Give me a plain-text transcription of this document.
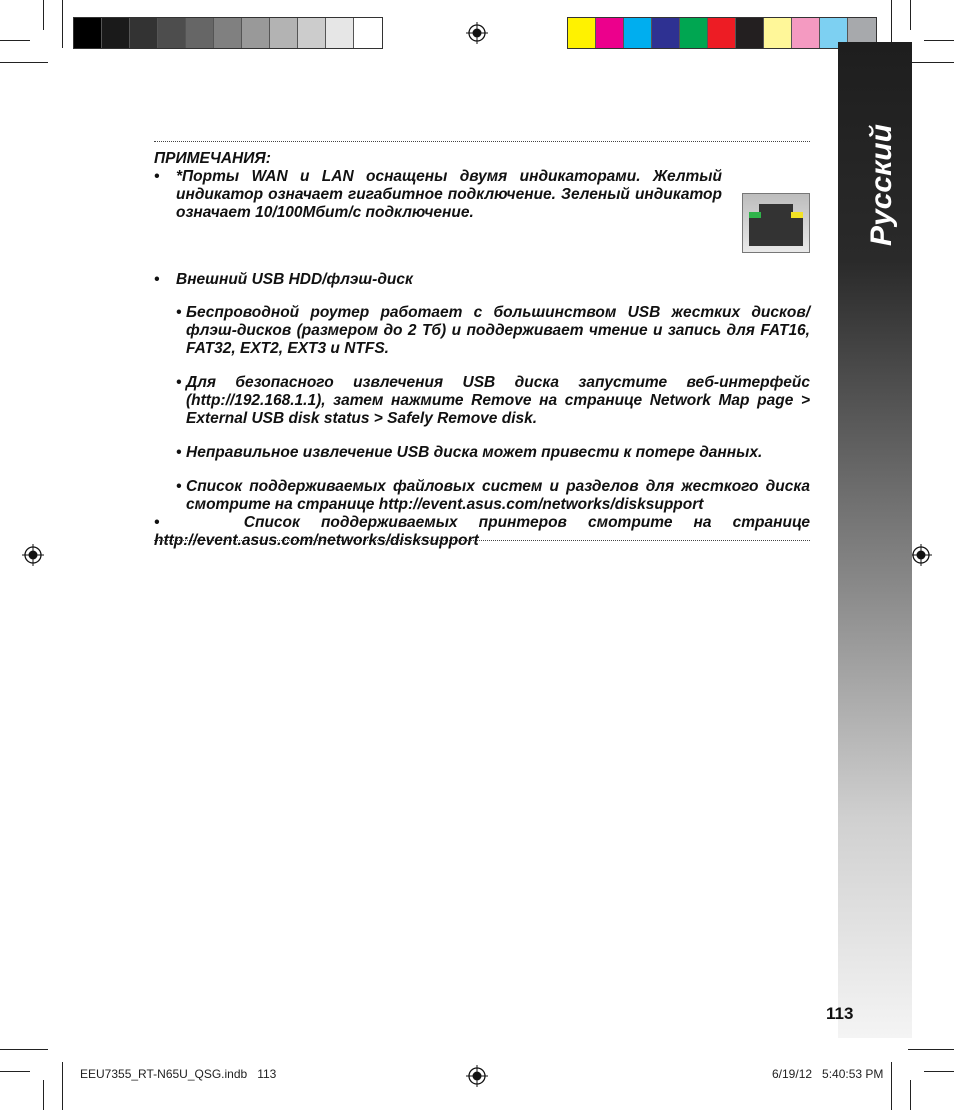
Русский
113

ПРИМЕЧАНИЯ:

•	*Порты WAN и LAN оснащены двумя индикаторами. Желтый индикатор означает гигабитное подключение. Зеленый индикатор означает 10/100Мбит/с подключение.

•	Внешний USB HDD/флэш-диск

• Беспроводной роутер работает с большинством USB жестких дисков/ флэш-дисков (размером до 2 Тб) и поддерживает чтение и запись для FAT16, FAT32, EXT2, EXT3 и NTFS.

• Для безопасного извлечения USB диска запустите веб-интерфейс (http://192.168.1.1), затем нажмите Remove на странице Network Map page > External USB disk status > Safely Remove disk.

• Неправильное извлечение USB диска может привести к потере данных.

• Список поддерживаемых файловых систем и разделов для жесткого диска смотрите на странице http://event.asus.com/networks/disksupport

•	Список поддерживаемых принтеров смотрите на странице http://event.asus.com/networks/disksupport

EEU7355_RT-N65U_QSG.indb   113	6/19/12   5:40:53 PM
